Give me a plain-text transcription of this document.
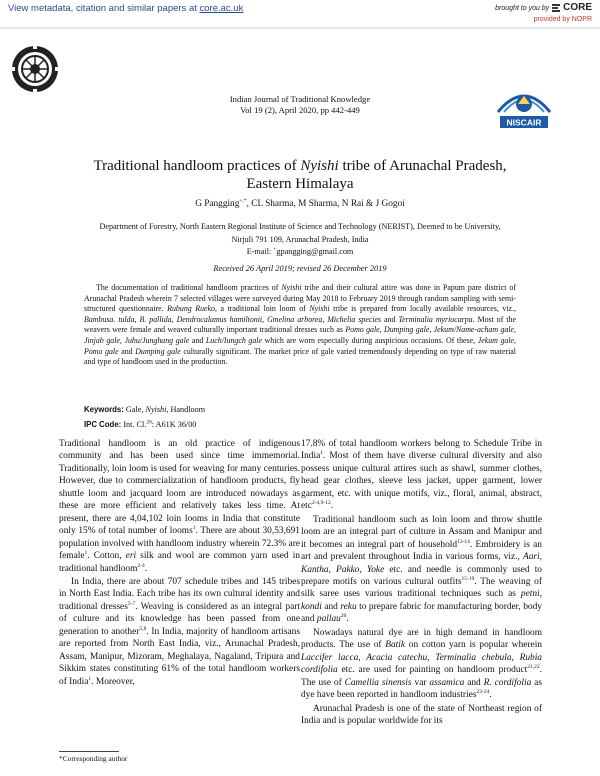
View metadata, citation and similar papers at core.ac.uk	brought to you by CORE
provided by NOPR
NISCAIR
Indian Journal of Traditional Knowledge
Vol 19 (2), April 2020, pp 442-449
Traditional handloom practices of Nyishi tribe of Arunachal Pradesh,
Eastern Himalaya
G Pangging+,*, CL Sharma, M Sharma, N Rai & J Gogoi
Department of Forestry, North Eastern Regional Institute of Science and Technology (NERIST), Deemed to be University,
Nirjuli 791 109, Arunachal Pradesh, India
E-mail: +gpangging@gmail.com
Received 26 April 2019; revised 26 December 2019
The documentation of traditional handloom practices of Nyishi tribe and their cultural attire was done in Papum pare district of Arunachal Pradesh wherein 7 selected villages were surveyed during May 2018 to February 2019 through random sampling with semi-structured questionnaire. Rubung Rueko, a traditional loin loom of Nyishi tribe is prepared from locally available resources, viz., Bambusa. tulda, B. pallida, Dendrocalamus hamiltonii, Gmelina arborea, Michelia species and Terminalia myriocarpa. Most of the weavers were female and weaved culturally important traditional dresses such as Pomo gale, Dumping gale, Jekum/Name-acham gale, Jinjab gale, Juhu/Junghang gale and Luch/Iungch gale which are worn especially during auspicious occasions. Of these, Jekum gale, Pomo gale and Dumping gale culturally significant. The market price of gale varied tremendously depending on type of raw material and type of handloom used in the production.
Keywords: Gale, Nyishi, Handloom
IPC Code: Int. Cl.$^{20}$: A61K 36/00

Traditional handloom is an old practice of indigenous community and has been used since time immemorial. Traditionally, loin loom is used for weaving for many centuries. However, due to commercialization of handloom products, fly shuttle loom and jacquard loom are introduced nowadays as these are more efficient and relatively takes less time. At present, there are 4,04,102 loin looms in India that constitute only 15% of total number of looms$^1$. There are about 30,53,691 population involved with handloom industry wherein 72.3% are female$^1$. Cotton, eri silk and wool are common yarn used in traditional handloom$^{2-4}$.

In India, there are about 707 schedule tribes and 145 tribes in North East India. Each tribe has its own cultural identity and traditional dresses$^{5-7}$. Weaving is considered as an integral part of culture and its knowledge has been passed from one generation to another$^{5,8}$. In India, majority of handloom artisans are reported from North East India, viz., Arunachal Pradesh, Assam, Manipur, Mizoram, Meghalaya, Nagaland, Tripura and Sikkim states constituting 61% of the total handloom workers of India$^1$. Moreover,

17.8% of total handloom workers belong to Schedule Tribe in India$^1$. Most of them have diverse cultural diversity and also possess unique cultural attires such as shawl, summer clothes, head gear clothes, sleeve less jacket, upper garment, lower garment, etc. with unique motifs, viz., floral, animal, abstract, etc$^{2-4,9-12}$.

Traditional handloom such as loin loom and throw shuttle loom are an integral part of culture in Assam and Manipur and it becomes an integral part of household$^{13-14}$. Embroidery is an art and prevalent throughout India in various forms, viz., Aari, Kantha, Pakko, Yoke etc. and needle is commonly used to prepare motifs on various cultural outfits$^{15-19}$. The weaving of silk saree uses various traditional techniques such as petni, kondi and reku to prepare fabric for manufacturing border, body and pallau$^{20}$.

Nowadays natural dye are in high demand in handloom products. The use of Batik on cotton yarn is popular wherein Laccifer lacca, Acacia catechu, Terminalia chebula, Rubia cordifolia etc. are used for painting on handloom product$^{21,22}$. The use of Camellia sinensis var assamica and R. cordifolia as dye have been reported in handloom industries$^{23-24}$.

Arunachal Pradesh is one of the state of Northeast region of India and is popular worldwide for its

*Corresponding author
